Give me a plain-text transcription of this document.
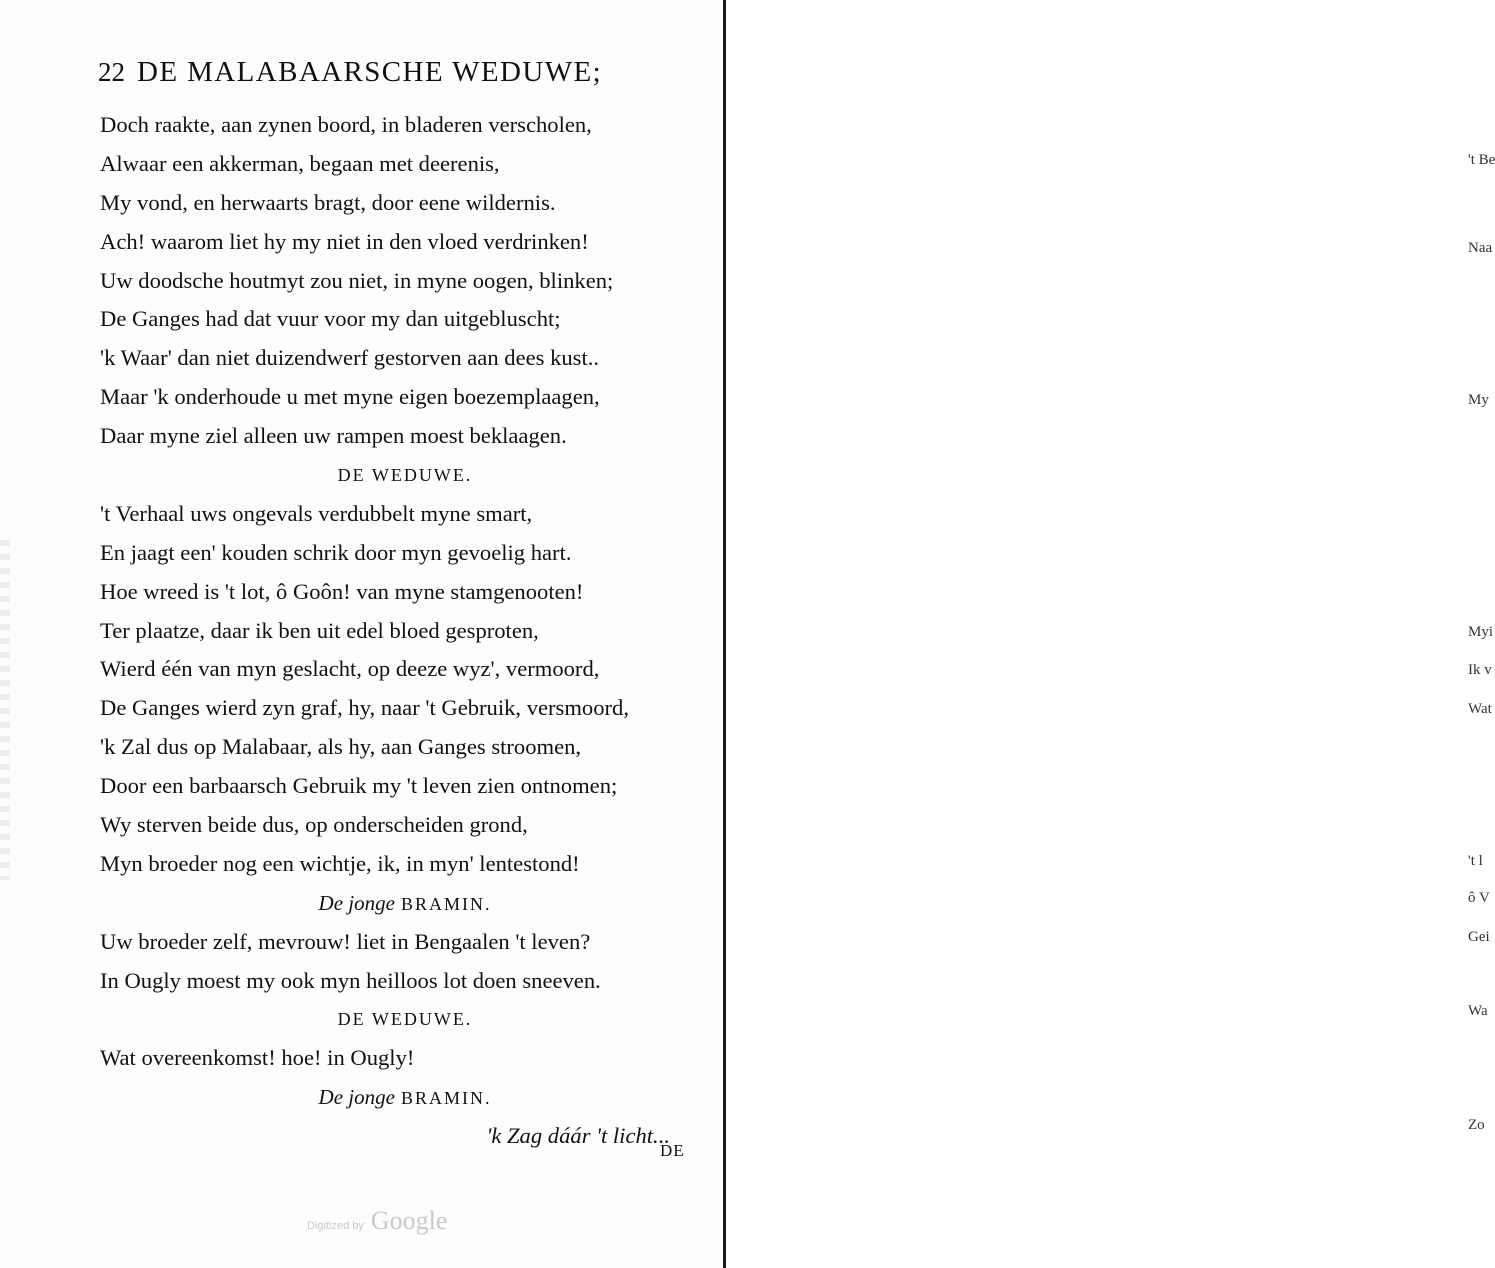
22 DE MALABAARSCHE WEDUWE;
Doch raakte, aan zynen boord, in bladeren verscholen,
Alwaar een akkerman, begaan met deerenis,
My vond, en herwaarts bragt, door eene wildernis.
Ach! waarom liet hy my niet in den vloed verdrinken!
Uw doodsche houtmyt zou niet, in myne oogen, blinken;
De Ganges had dat vuur voor my dan uitgebluscht;
'k Waar' dan niet duizendwerf gestorven aan dees kust..
Maar 'k onderhoude u met myne eigen boezemplaagen,
Daar myne ziel alleen uw rampen moest beklaagen.
DE WEDUWE.
't Verhaal uws ongevals verdubbelt myne smart,
En jaagt een' kouden schrik door myn gevoelig hart.
Hoe wreed is 't lot, ô Goôn! van myne stamgenooten!
Ter plaatze, daar ik ben uit edel bloed gesproten,
Wierd één van myn geslacht, op deeze wyz', vermoord,
De Ganges wierd zyn graf, hy, naar 't Gebruik, versmoord,
'k Zal dus op Malabaar, als hy, aan Ganges stroomen,
Door een barbaarsch Gebruik my 't leven zien ontnomen;
Wy sterven beide dus, op onderscheiden grond,
Myn broeder nog een wichtje, ik, in myn' lentestond!
De jonge BRAMIN.
Uw broeder zelf, mevrouw! liet in Bengaalen 't leven?
In Ougly moest my ook myn heilloos lot doen sneeven.
DE WEDUWE.
Wat overeenkomst! hoe! in Ougly!
De jonge BRAMIN.
'k Zag dáár 't licht...
DE
Digitized by Google
't Be
Naa
My
Myi
Ik v
Wat
't l
ô V
Gei
Wa
Zo
